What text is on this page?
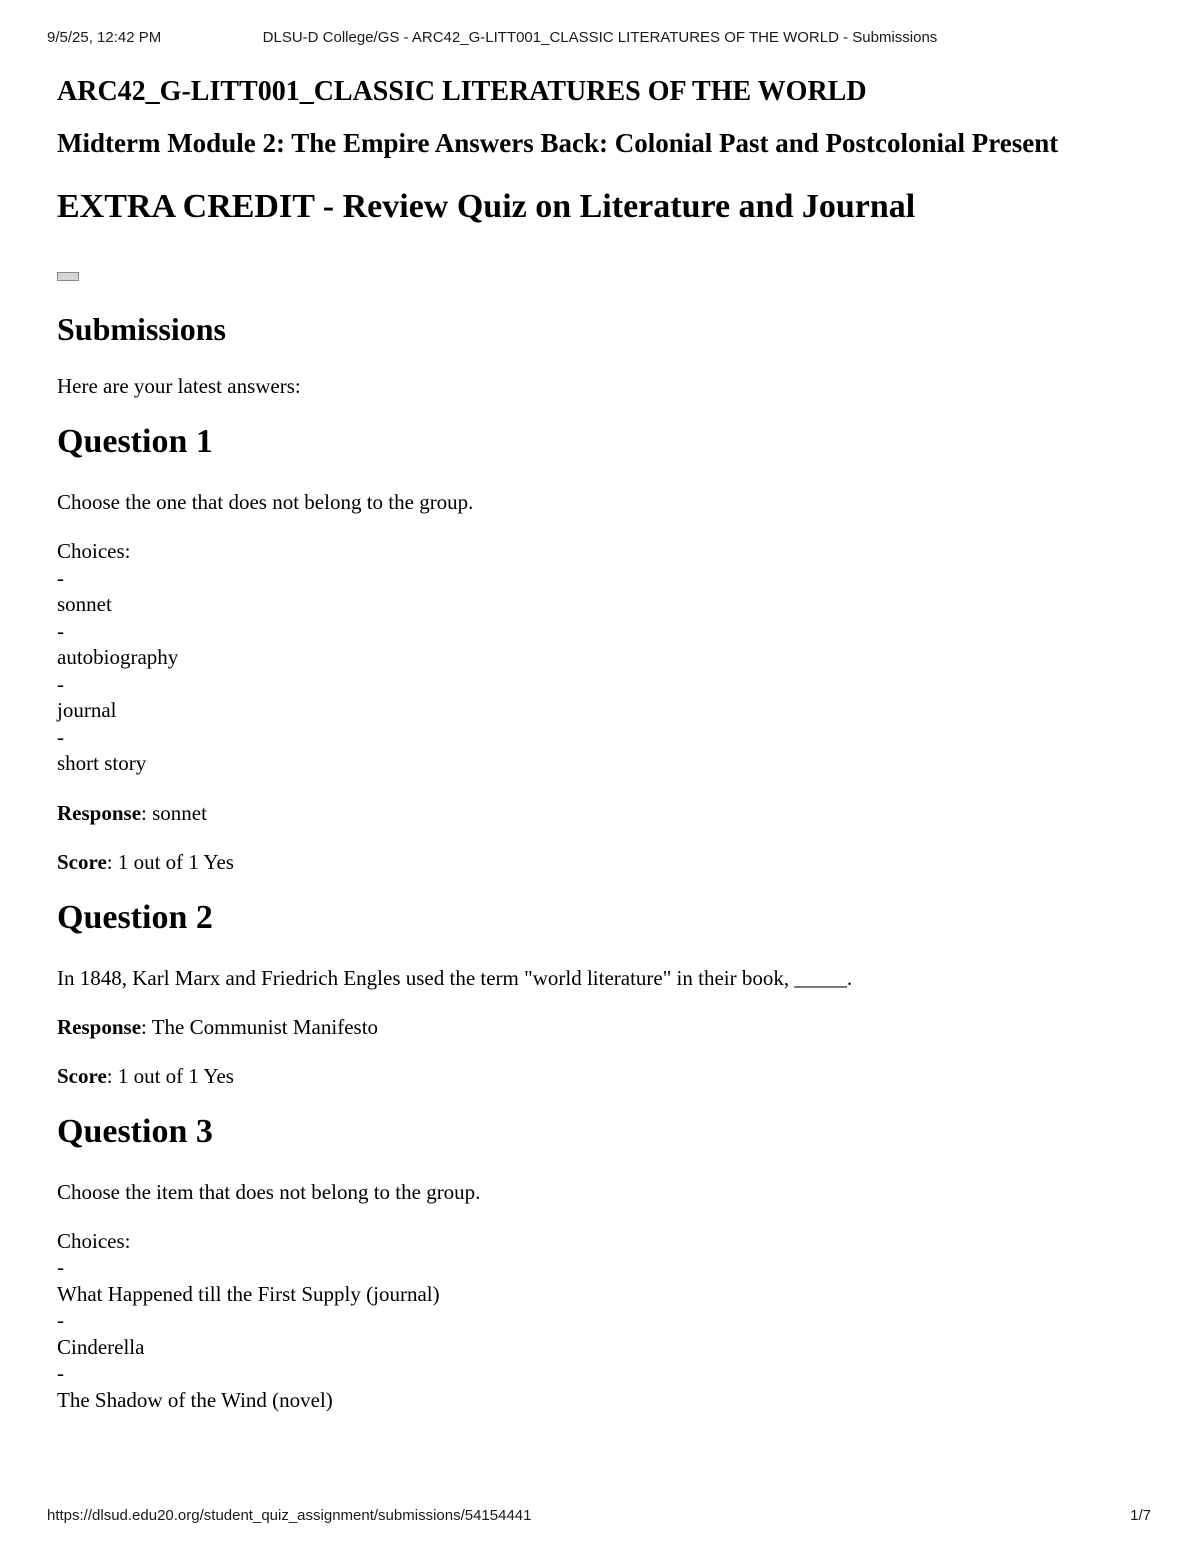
DLSU-D College/GS - ARC42_G-LITT001_CLASSIC LITERATURES OF THE WORLD - Submissions
9/5/25, 12:42 PM
ARC42_G-LITT001_CLASSIC LITERATURES OF THE WORLD
Midterm Module 2: The Empire Answers Back: Colonial Past and Postcolonial Present
EXTRA CREDIT - Review Quiz on Literature and Journal
Submissions

Here are your latest answers:

Question 1

Choose the one that does not belong to the group.

Choices:
-
sonnet
-
autobiography
-
journal
-
short story

Response: sonnet

Score: 1 out of 1 Yes

Question 2

In 1848, Karl Marx and Friedrich Engles used the term "world literature" in their book, _____.

Response: The Communist Manifesto

Score: 1 out of 1 Yes

Question 3

Choose the item that does not belong to the group.

Choices:
-
What Happened till the First Supply (journal)
-
Cinderella
-
The Shadow of the Wind (novel)
https://dlsud.edu20.org/student_quiz_assignment/submissions/54154441	1/7
